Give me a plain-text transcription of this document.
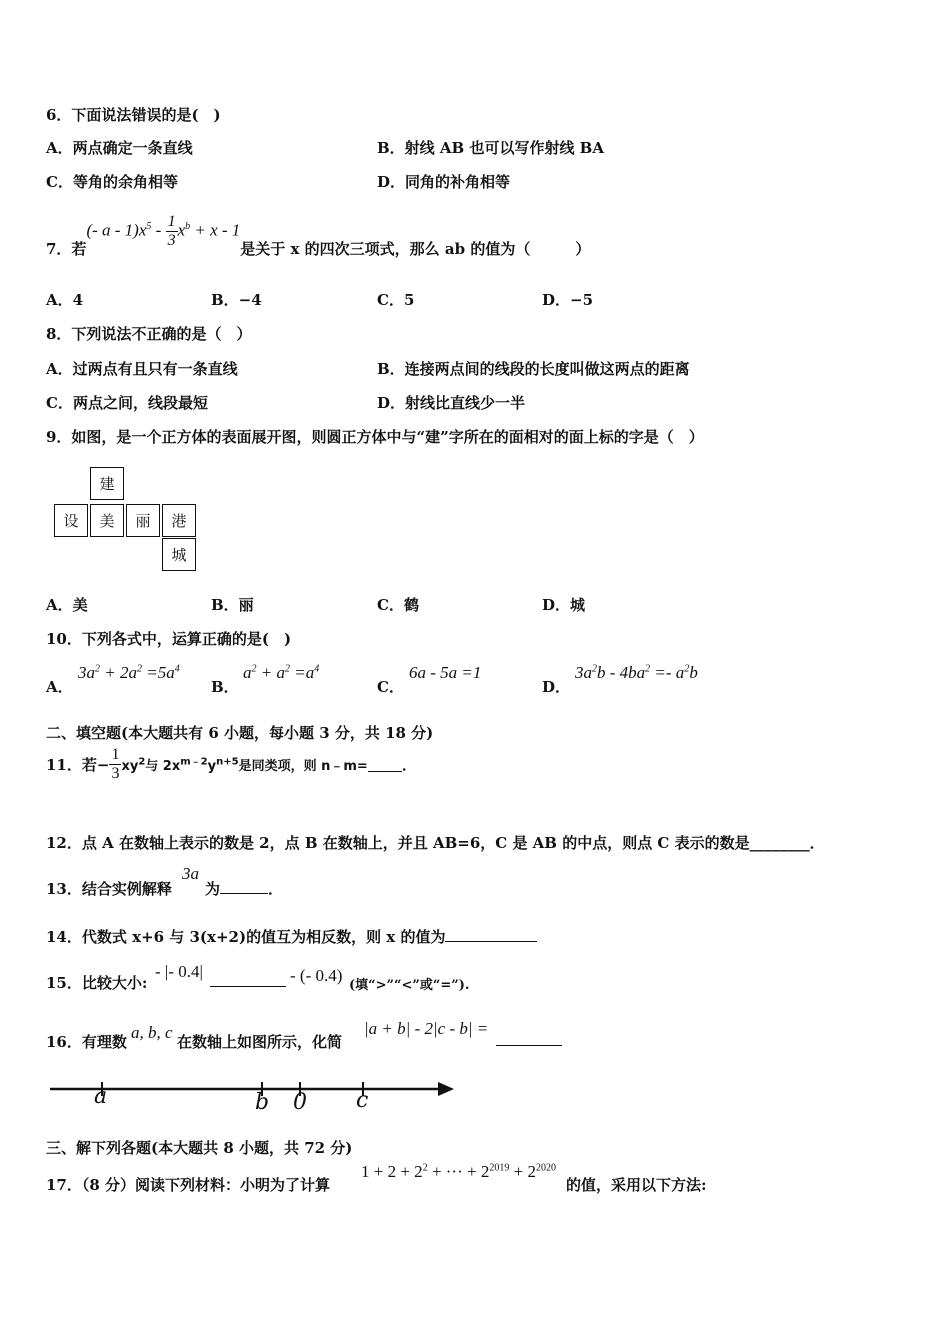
6．下面说法错误的是(　)
A．两点确定一条直线	B．射线 AB 也可以写作射线 BA
C．等角的余角相等	D．同角的补角相等
7．若
(- $a - 1)x^5 - \frac{1}{3} x^b + x - 1$
是关于 x 的四次三项式，那么 ab 的值为（　　　）
A．4	B．−4	C．5	D．−5
8．下列说法不正确的是（　）
A．过两点有且只有一条直线	B．连接两点间的线段的长度叫做这两点的距离
C．两点之间，线段最短	D．射线比直线少一半
9．如图，是一个正方体的表面展开图，则圆正方体中与“建”字所在的面相对的面上标的字是（　）
建
设	美	丽	港
城
A．美	B．丽	C．鹤	D．城
10．下列各式中，运算正确的是(　)
A．
$3a^2 + 2a^2 =5a^4$
B．
$a^2 + a^2 =a^4$
C．
6a - 5a =1
D．
$3a^2b - 4ba^2 =- a^2b$
二、填空题(本大题共有 6 小题，每小题 3 分，共 18 分)
11．若− $\frac{1}{3} xy^2$与 $2x^{m﹣2}y^{n+5}$是同类项，则 n﹣m= ．
12．点 A 在数轴上表示的数是 2，点 B 在数轴上，并且 AB=6，C 是 AB 的中点，则点 C 表示的数是________．
13．结合实例解释
3a
为	．
14．代数式 x+6 与 3(x+2)的值互为相反数，则 x 的值为
15．比较大小:
- |- 0.4|	- (- 0.4)
(填“>”“<”或“=”).
16．有理数 a, b, c 在数轴上如图所示，化简
|a + b| - 2|c - b| =
a	b 0 c
三、解下列各题(本大题共 8 小题，共 72 分)
17．（8 分）阅读下列材料：小明为了计算
$1 + 2 + 2^2$ + ··· + $2^{2019} + 2^{2020}$
的值，采用以下方法:
